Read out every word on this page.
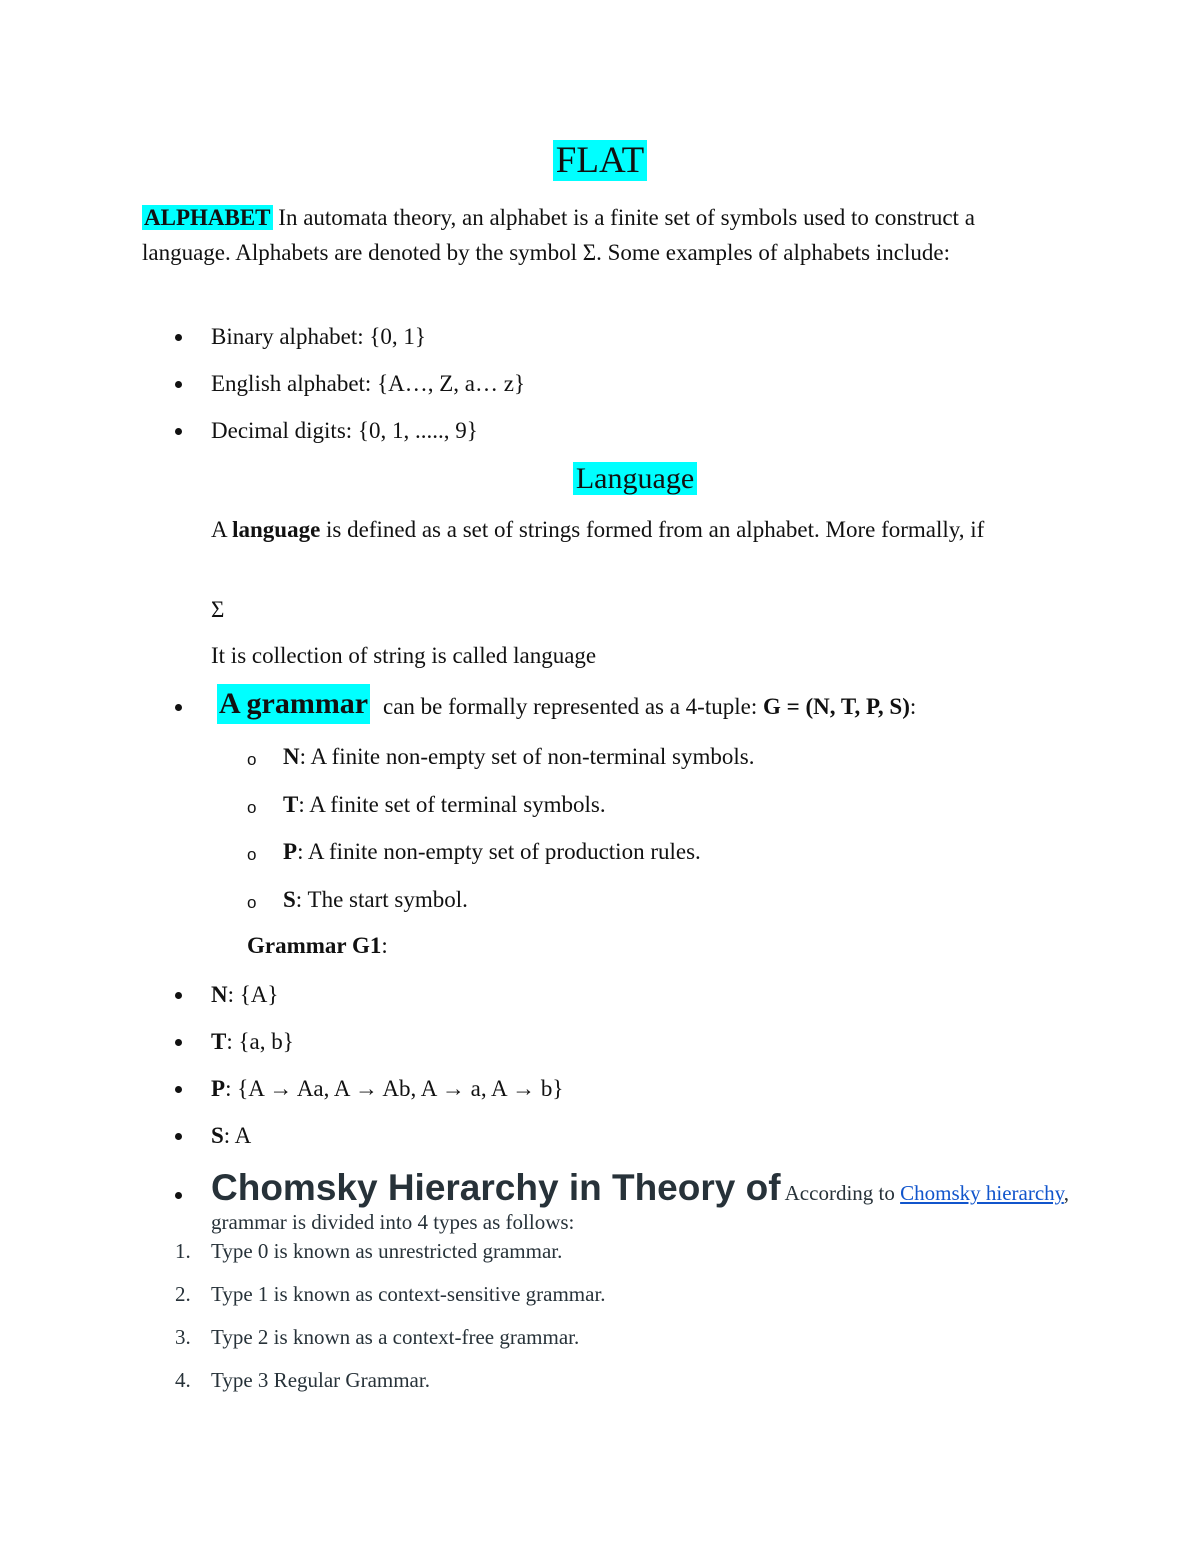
FLAT
ALPHABET In automata theory, an alphabet is a finite set of symbols used to construct a language. Alphabets are denoted by the symbol Σ. Some examples of alphabets include:
Binary alphabet: {0, 1}
English alphabet: {A…, Z, a… z}
Decimal digits: {0, 1, ....., 9}
Language
A language is defined as a set of strings formed from an alphabet. More formally, if
Σ
It is collection of string is called language
A grammar can be formally represented as a 4-tuple: G = (N, T, P, S):
o N: A finite non-empty set of non-terminal symbols.
o T: A finite set of terminal symbols.
o P: A finite non-empty set of production rules.
o S: The start symbol.
Grammar G1:
N: {A}
T: {a, b}
P: {A → Aa, A → Ab, A → a, A → b}
S: A
Chomsky Hierarchy in Theory of According to Chomsky hierarchy, grammar is divided into 4 types as follows:
1. Type 0 is known as unrestricted grammar.
2. Type 1 is known as context-sensitive grammar.
3. Type 2 is known as a context-free grammar.
4. Type 3 Regular Grammar.
